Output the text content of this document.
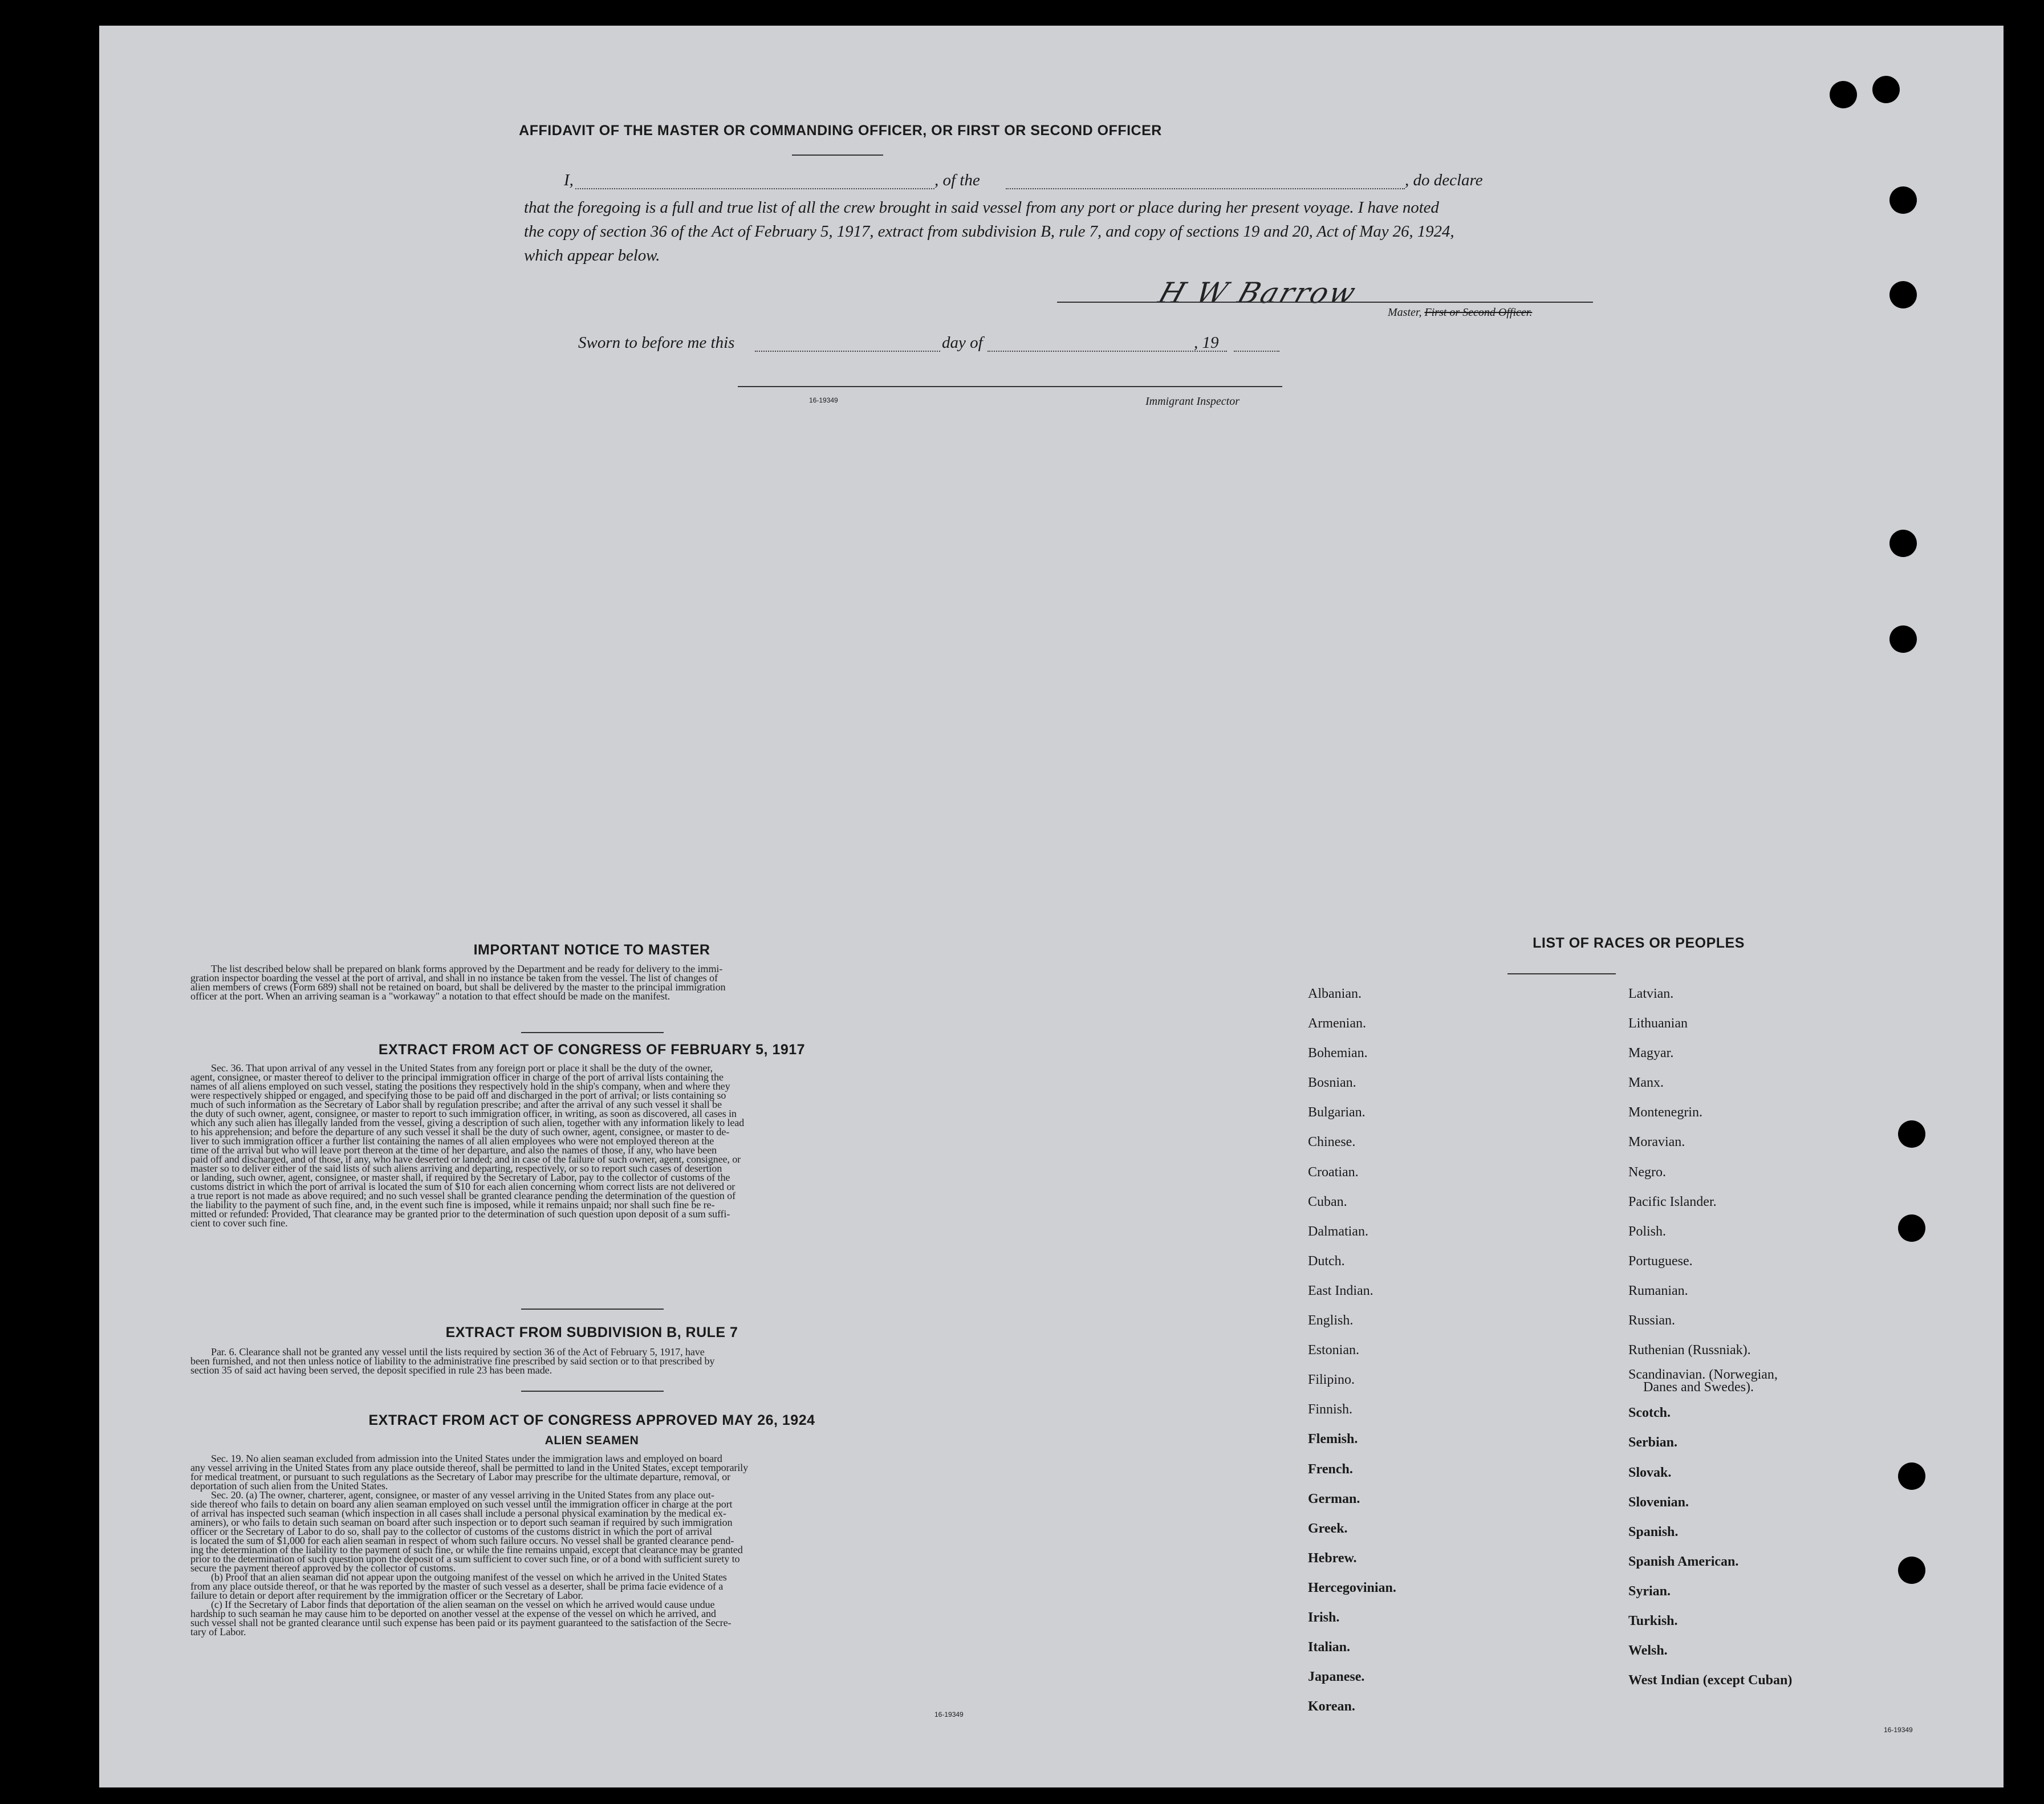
AFFIDAVIT OF THE MASTER OR COMMANDING OFFICER, OR FIRST OR SECOND OFFICER
I,	, of the	, do declare
that the foregoing is a full and true list of all the crew brought in said vessel from any port or place during her present voyage. I have noted
the copy of section 36 of the Act of February 5, 1917, extract from subdivision B, rule 7, and copy of sections 19 and 20, Act of May 26, 1924,
which appear below.
H W Barrow
Master, First or Second Officer.
Sworn to before me this	day of	, 19
16-19349	Immigrant Inspector
IMPORTANT NOTICE TO MASTER

The list described below shall be prepared on blank forms approved by the Department and be ready for delivery to the immi-

gration inspector boarding the vessel at the port of arrival, and shall in no instance be taken from the vessel. The list of changes of
alien members of crews (Form 689) shall not be retained on board, but shall be delivered by the master to the principal immigration
officer at the port. When an arriving seaman is a "workaway" a notation to that effect should be made on the manifest.
EXTRACT FROM ACT OF CONGRESS OF FEBRUARY 5, 1917

Sec. 36. That upon arrival of any vessel in the United States from any foreign port or place it shall be the duty of the owner,

agent, consignee, or master thereof to deliver to the principal immigration officer in charge of the port of arrival lists containing the
names of all aliens employed on such vessel, stating the positions they respectively hold in the ship's company, when and where they
were respectively shipped or engaged, and specifying those to be paid off and discharged in the port of arrival; or lists containing so
much of such information as the Secretary of Labor shall by regulation prescribe; and after the arrival of any such vessel it shall be
the duty of such owner, agent, consignee, or master to report to such immigration officer, in writing, as soon as discovered, all cases in
which any such alien has illegally landed from the vessel, giving a description of such alien, together with any information likely to lead
to his apprehension; and before the departure of any such vessel it shall be the duty of such owner, agent, consignee, or master to de-
liver to such immigration officer a further list containing the names of all alien employees who were not employed thereon at the
time of the arrival but who will leave port thereon at the time of her departure, and also the names of those, if any, who have been
paid off and discharged, and of those, if any, who have deserted or landed; and in case of the failure of such owner, agent, consignee, or
master so to deliver either of the said lists of such aliens arriving and departing, respectively, or so to report such cases of desertion
or landing, such owner, agent, consignee, or master shall, if required by the Secretary of Labor, pay to the collector of customs of the
customs district in which the port of arrival is located the sum of $10 for each alien concerning whom correct lists are not delivered or
a true report is not made as above required; and no such vessel shall be granted clearance pending the determination of the question of
the liability to the payment of such fine, and, in the event such fine is imposed, while it remains unpaid; nor shall such fine be re-
mitted or refunded: Provided, That clearance may be granted prior to the determination of such question upon deposit of a sum suffi-
cient to cover such fine.
EXTRACT FROM SUBDIVISION B, RULE 7

Par. 6. Clearance shall not be granted any vessel until the lists required by section 36 of the Act of February 5, 1917, have

been furnished, and not then unless notice of liability to the administrative fine prescribed by said section or to that prescribed by
section 35 of said act having been served, the deposit specified in rule 23 has been made.
EXTRACT FROM ACT OF CONGRESS APPROVED MAY 26, 1924
ALIEN SEAMEN

Sec. 19. No alien seaman excluded from admission into the United States under the immigration laws and employed on board

any vessel arriving in the United States from any place outside thereof, shall be permitted to land in the United States, except temporarily
for medical treatment, or pursuant to such regulations as the Secretary of Labor may prescribe for the ultimate departure, removal, or
deportation of such alien from the United States.

Sec. 20. (a) The owner, charterer, agent, consignee, or master of any vessel arriving in the United States from any place out-

side thereof who fails to detain on board any alien seaman employed on such vessel until the immigration officer in charge at the port
of arrival has inspected such seaman (which inspection in all cases shall include a personal physical examination by the medical ex-
aminers), or who fails to detain such seaman on board after such inspection or to deport such seaman if required by such immigration
officer or the Secretary of Labor to do so, shall pay to the collector of customs of the customs district in which the port of arrival
is located the sum of $1,000 for each alien seaman in respect of whom such failure occurs. No vessel shall be granted clearance pend-
ing the determination of the liability to the payment of such fine, or while the fine remains unpaid, except that clearance may be granted
prior to the determination of such question upon the deposit of a sum sufficient to cover such fine, or of a bond with sufficient surety to
secure the payment thereof approved by the collector of customs.

(b) Proof that an alien seaman did not appear upon the outgoing manifest of the vessel on which he arrived in the United States

from any place outside thereof, or that he was reported by the master of such vessel as a deserter, shall be prima facie evidence of a
failure to detain or deport after requirement by the immigration officer or the Secretary of Labor.

(c) If the Secretary of Labor finds that deportation of the alien seaman on the vessel on which he arrived would cause undue

hardship to such seaman he may cause him to be deported on another vessel at the expense of the vessel on which he arrived, and
such vessel shall not be granted clearance until such expense has been paid or its payment guaranteed to the satisfaction of the Secre-
tary of Labor.
16-19349
LIST OF RACES OR PEOPLES
Albanian.
Armenian.
Bohemian.
Bosnian.
Bulgarian.
Chinese.
Croatian.
Cuban.
Dalmatian.
Dutch.
East Indian.
English.
Estonian.
Filipino.
Finnish.
Flemish.
French.
German.
Greek.
Hebrew.
Hercegovinian.
Irish.
Italian.
Japanese.
Korean.
Latvian.
Lithuanian
Magyar.
Manx.
Montenegrin.
Moravian.
Negro.
Pacific Islander.
Polish.
Portuguese.
Rumanian.
Russian.
Ruthenian (Russniak).
Scandinavian. (Norwegian,
Danes and Swedes).
Scotch.
Serbian.
Slovak.
Slovenian.
Spanish.
Spanish American.
Syrian.
Turkish.
Welsh.
West Indian (except Cuban)
16-19349
